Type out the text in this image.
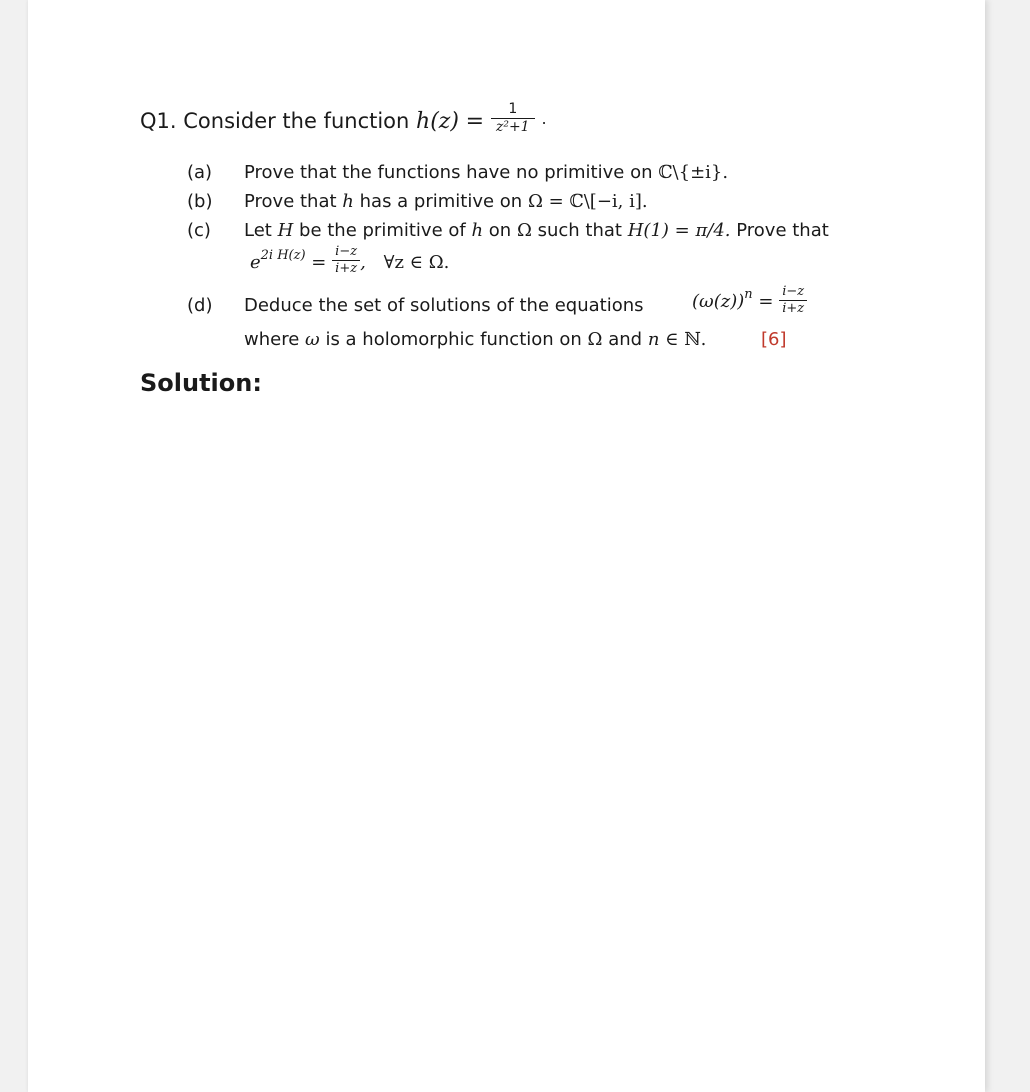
Q1. Consider the function $h(z) = \frac{1}{\text{z²+1}}$ .
(a) Prove that the functions have no primitive on ℂ\{±i}.
(b) Prove that h has a primitive on Ω = ℂ\[−i, i].
(c) Let H be the primitive of h on Ω such that H(1) = π/4. Prove that
$e^{2i H(z)} = \frac{i-z}{i+z}$ , ∀z ∈ Ω.
(d) Deduce the set of solutions of the equations	$(\omega(z))^n = \frac{i-z}{i+z}$
where ω is a holomorphic function on Ω and n ∈ ℕ.	[6]
Solution:
